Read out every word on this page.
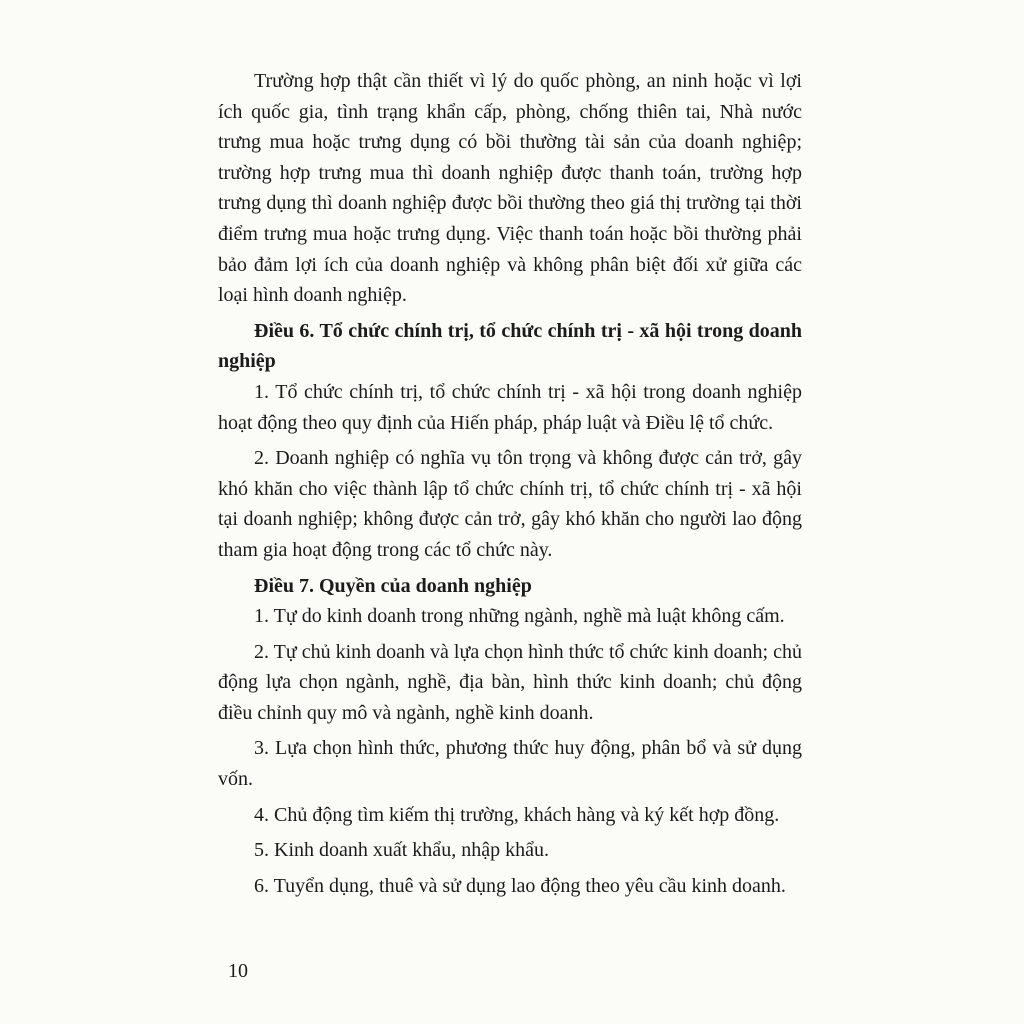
Trường hợp thật cần thiết vì lý do quốc phòng, an ninh hoặc vì lợi ích quốc gia, tình trạng khẩn cấp, phòng, chống thiên tai, Nhà nước trưng mua hoặc trưng dụng có bồi thường tài sản của doanh nghiệp; trường hợp trưng mua thì doanh nghiệp được thanh toán, trường hợp trưng dụng thì doanh nghiệp được bồi thường theo giá thị trường tại thời điểm trưng mua hoặc trưng dụng. Việc thanh toán hoặc bồi thường phải bảo đảm lợi ích của doanh nghiệp và không phân biệt đối xử giữa các loại hình doanh nghiệp.

Điều 6. Tổ chức chính trị, tổ chức chính trị - xã hội trong doanh nghiệp

1. Tổ chức chính trị, tổ chức chính trị - xã hội trong doanh nghiệp hoạt động theo quy định của Hiến pháp, pháp luật và Điều lệ tổ chức.

2. Doanh nghiệp có nghĩa vụ tôn trọng và không được cản trở, gây khó khăn cho việc thành lập tổ chức chính trị, tổ chức chính trị - xã hội tại doanh nghiệp; không được cản trở, gây khó khăn cho người lao động tham gia hoạt động trong các tổ chức này.

Điều 7. Quyền của doanh nghiệp

1. Tự do kinh doanh trong những ngành, nghề mà luật không cấm.

2. Tự chủ kinh doanh và lựa chọn hình thức tổ chức kinh doanh; chủ động lựa chọn ngành, nghề, địa bàn, hình thức kinh doanh; chủ động điều chỉnh quy mô và ngành, nghề kinh doanh.

3. Lựa chọn hình thức, phương thức huy động, phân bổ và sử dụng vốn.

4. Chủ động tìm kiếm thị trường, khách hàng và ký kết hợp đồng.

5. Kinh doanh xuất khẩu, nhập khẩu.

6. Tuyển dụng, thuê và sử dụng lao động theo yêu cầu kinh doanh.

10
